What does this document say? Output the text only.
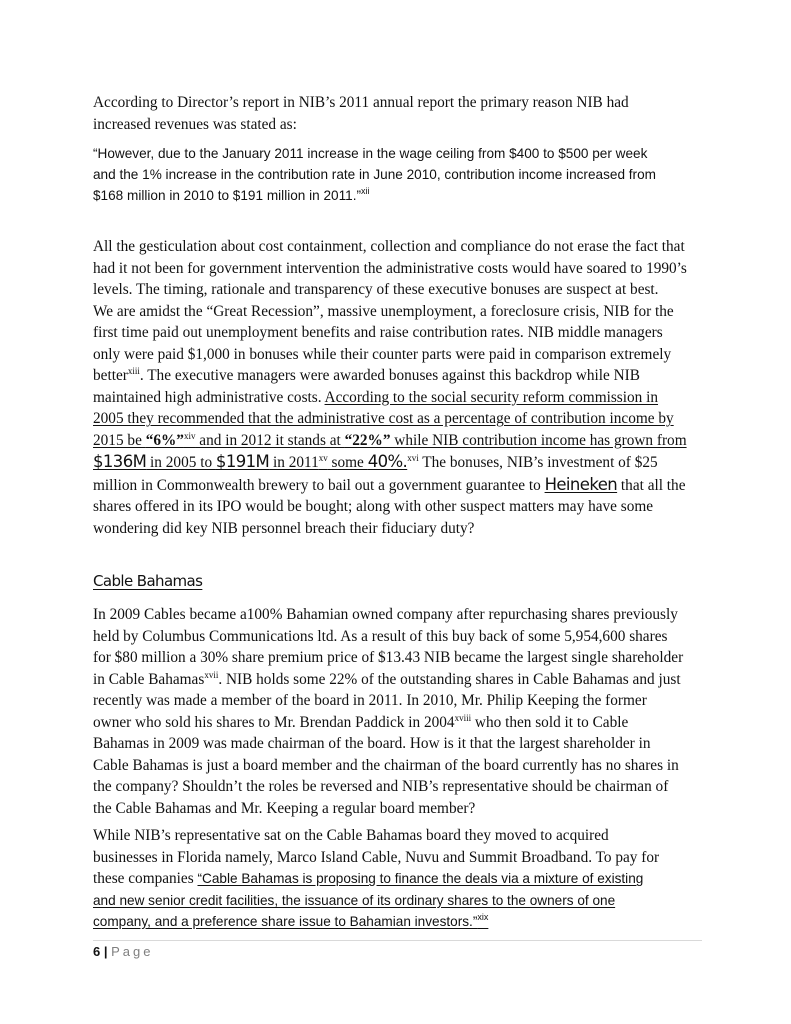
According to Director’s report in NIB’s 2011 annual report the primary reason NIB had

increased revenues was stated as:

“However, due to the January 2011 increase in the wage ceiling from $400 to $500 per week

and the 1% increase in the contribution rate in June 2010, contribution income increased from

$168 million in 2010 to $191 million in 2011.”$^{xii}$

All the gesticulation about cost containment, collection and compliance do not erase the fact that

had it not been for government intervention the administrative costs would have soared to 1990’s

levels. The timing, rationale and transparency of these executive bonuses are suspect at best.

We are amidst the “Great Recession”, massive unemployment, a foreclosure crisis, NIB for the

first time paid out unemployment benefits and raise contribution rates. NIB middle managers

only were paid $1,000 in bonuses while their counter parts were paid in comparison extremely

better$^{xiii}$. The executive managers were awarded bonuses against this backdrop while NIB

maintained high administrative costs. According to the social security reform commission in

2005 they recommended that the administrative cost as a percentage of contribution income by

2015 be “6%”$^{xiv}$ and in 2012 it stands at “22%” while NIB contribution income has grown from

$136M in 2005 to $191M in 2011$^{xv}$ some 40%.$^{xvi}$ The bonuses, NIB’s investment of $25

million in Commonwealth brewery to bail out a government guarantee to Heineken that all the

shares offered in its IPO would be bought; along with other suspect matters may have some

wondering did key NIB personnel breach their fiduciary duty?

Cable Bahamas

In 2009 Cables became a100% Bahamian owned company after repurchasing shares previously

held by Columbus Communications ltd. As a result of this buy back of some 5,954,600 shares

for $80 million a 30% share premium price of $13.43 NIB became the largest single shareholder

in Cable Bahamas$^{xvii}$. NIB holds some 22% of the outstanding shares in Cable Bahamas and just

recently was made a member of the board in 2011. In 2010, Mr. Philip Keeping the former

owner who sold his shares to Mr. Brendan Paddick in $2004^{xviii}$ who then sold it to Cable

Bahamas in 2009 was made chairman of the board. How is it that the largest shareholder in

Cable Bahamas is just a board member and the chairman of the board currently has no shares in

the company? Shouldn’t the roles be reversed and NIB’s representative should be chairman of

the Cable Bahamas and Mr. Keeping a regular board member?

While NIB’s representative sat on the Cable Bahamas board they moved to acquired

businesses in Florida namely, Marco Island Cable, Nuvu and Summit Broadband. To pay for

these companies “Cable Bahamas is proposing to finance the deals via a mixture of existing

and new senior credit facilities, the issuance of its ordinary shares to the owners of one

company, and a preference share issue to Bahamian investors.”$^{xix}$

6 | Page
